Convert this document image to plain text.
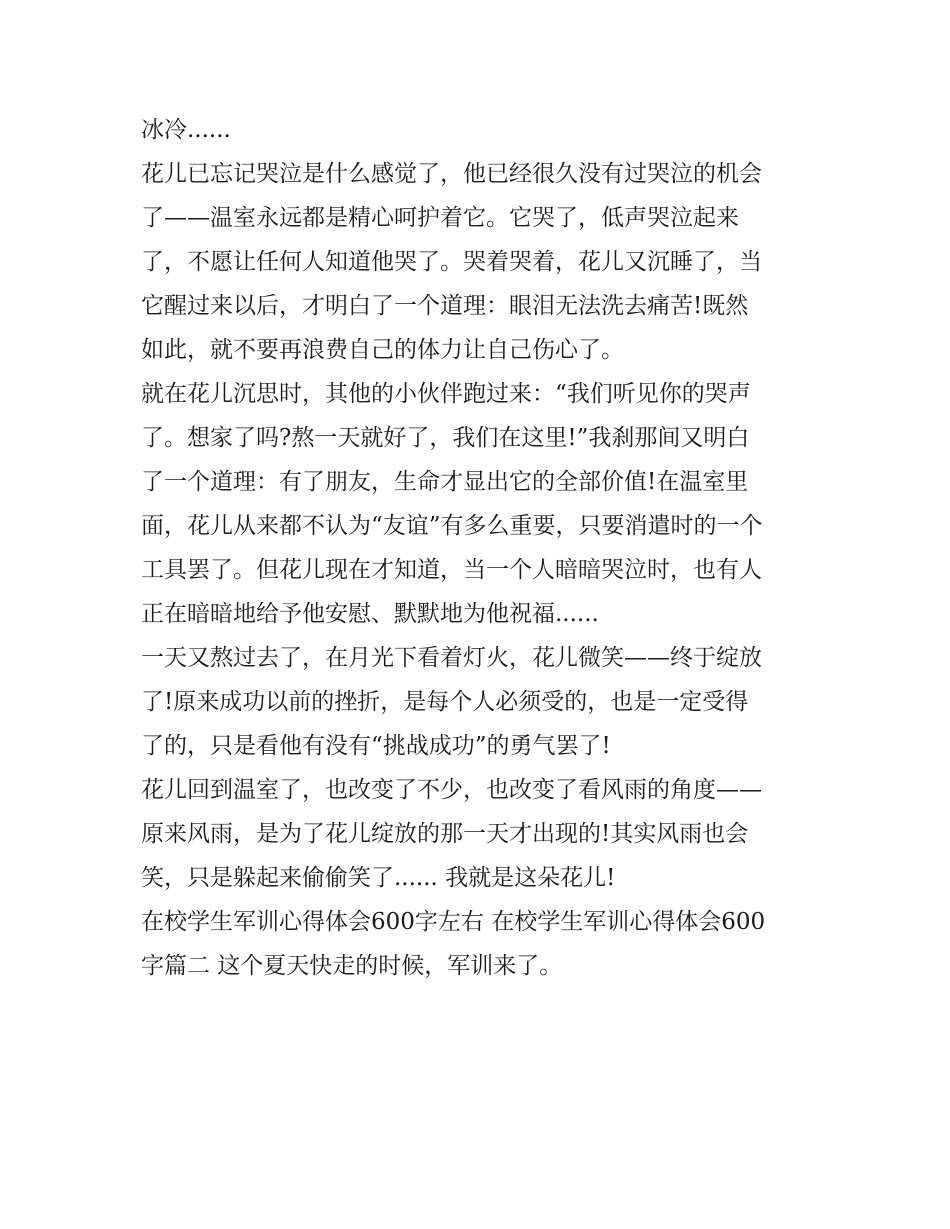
冰冷......
花儿已忘记哭泣是什么感觉了，他已经很久没有过哭泣的机会
了——温室永远都是精心呵护着它。它哭了，低声哭泣起来
了，不愿让任何人知道他哭了。哭着哭着，花儿又沉睡了，当
它醒过来以后，才明白了一个道理：眼泪无法洗去痛苦!既然
如此，就不要再浪费自己的体力让自己伤心了。
就在花儿沉思时，其他的小伙伴跑过来：“我们听见你的哭声
了。想家了吗?熬一天就好了，我们在这里!”我刹那间又明白
了一个道理：有了朋友，生命才显出它的全部价值!在温室里
面，花儿从来都不认为“友谊”有多么重要，只要消遣时的一个
工具罢了。但花儿现在才知道，当一个人暗暗哭泣时，也有人
正在暗暗地给予他安慰、默默地为他祝福......
一天又熬过去了，在月光下看着灯火，花儿微笑——终于绽放
了!原来成功以前的挫折，是每个人必须受的，也是一定受得
了的，只是看他有没有“挑战成功”的勇气罢了!
花儿回到温室了，也改变了不少，也改变了看风雨的角度——
原来风雨，是为了花儿绽放的那一天才出现的!其实风雨也会
笑，只是躲起来偷偷笑了...... 我就是这朵花儿!
在校学生军训心得体会600字左右 在校学生军训心得体会600
字篇二 这个夏天快走的时候，军训来了。
